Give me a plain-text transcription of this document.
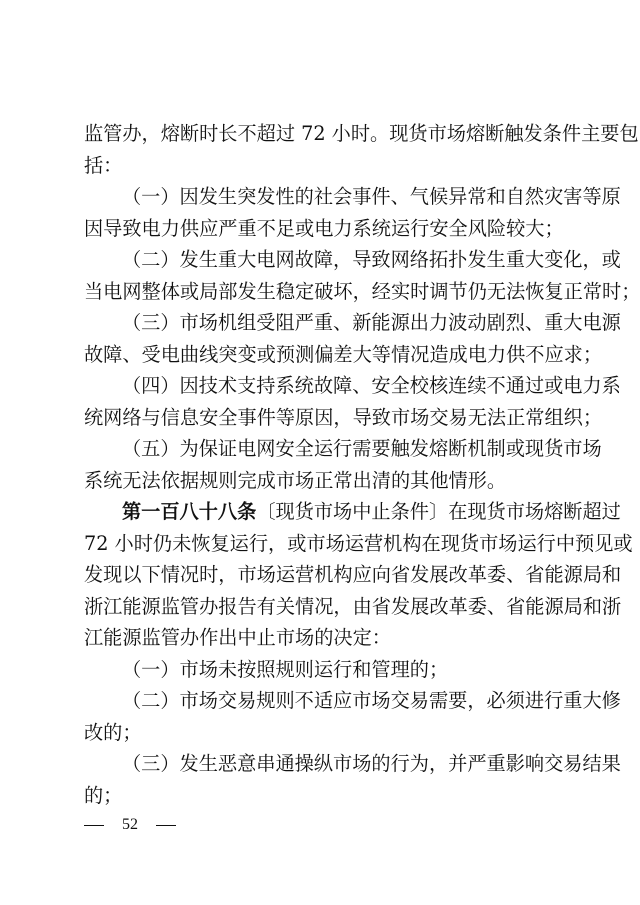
监管办，熔断时长不超过 72 小时。现货市场熔断触发条件主要包
括：
（一）因发生突发性的社会事件、气候异常和自然灾害等原
因导致电力供应严重不足或电力系统运行安全风险较大；
（二）发生重大电网故障，导致网络拓扑发生重大变化，或
当电网整体或局部发生稳定破坏，经实时调节仍无法恢复正常时；
（三）市场机组受阻严重、新能源出力波动剧烈、重大电源
故障、受电曲线突变或预测偏差大等情况造成电力供不应求；
（四）因技术支持系统故障、安全校核连续不通过或电力系
统网络与信息安全事件等原因，导致市场交易无法正常组织；
（五）为保证电网安全运行需要触发熔断机制或现货市场
系统无法依据规则完成市场正常出清的其他情形。
第一百八十八条〔现货市场中止条件〕在现货市场熔断超过
72 小时仍未恢复运行，或市场运营机构在现货市场运行中预见或
发现以下情况时，市场运营机构应向省发展改革委、省能源局和
浙江能源监管办报告有关情况，由省发展改革委、省能源局和浙
江能源监管办作出中止市场的决定：
（一）市场未按照规则运行和管理的；
（二）市场交易规则不适应市场交易需要，必须进行重大修
改的；
（三）发生恶意串通操纵市场的行为，并严重影响交易结果
的；
52
